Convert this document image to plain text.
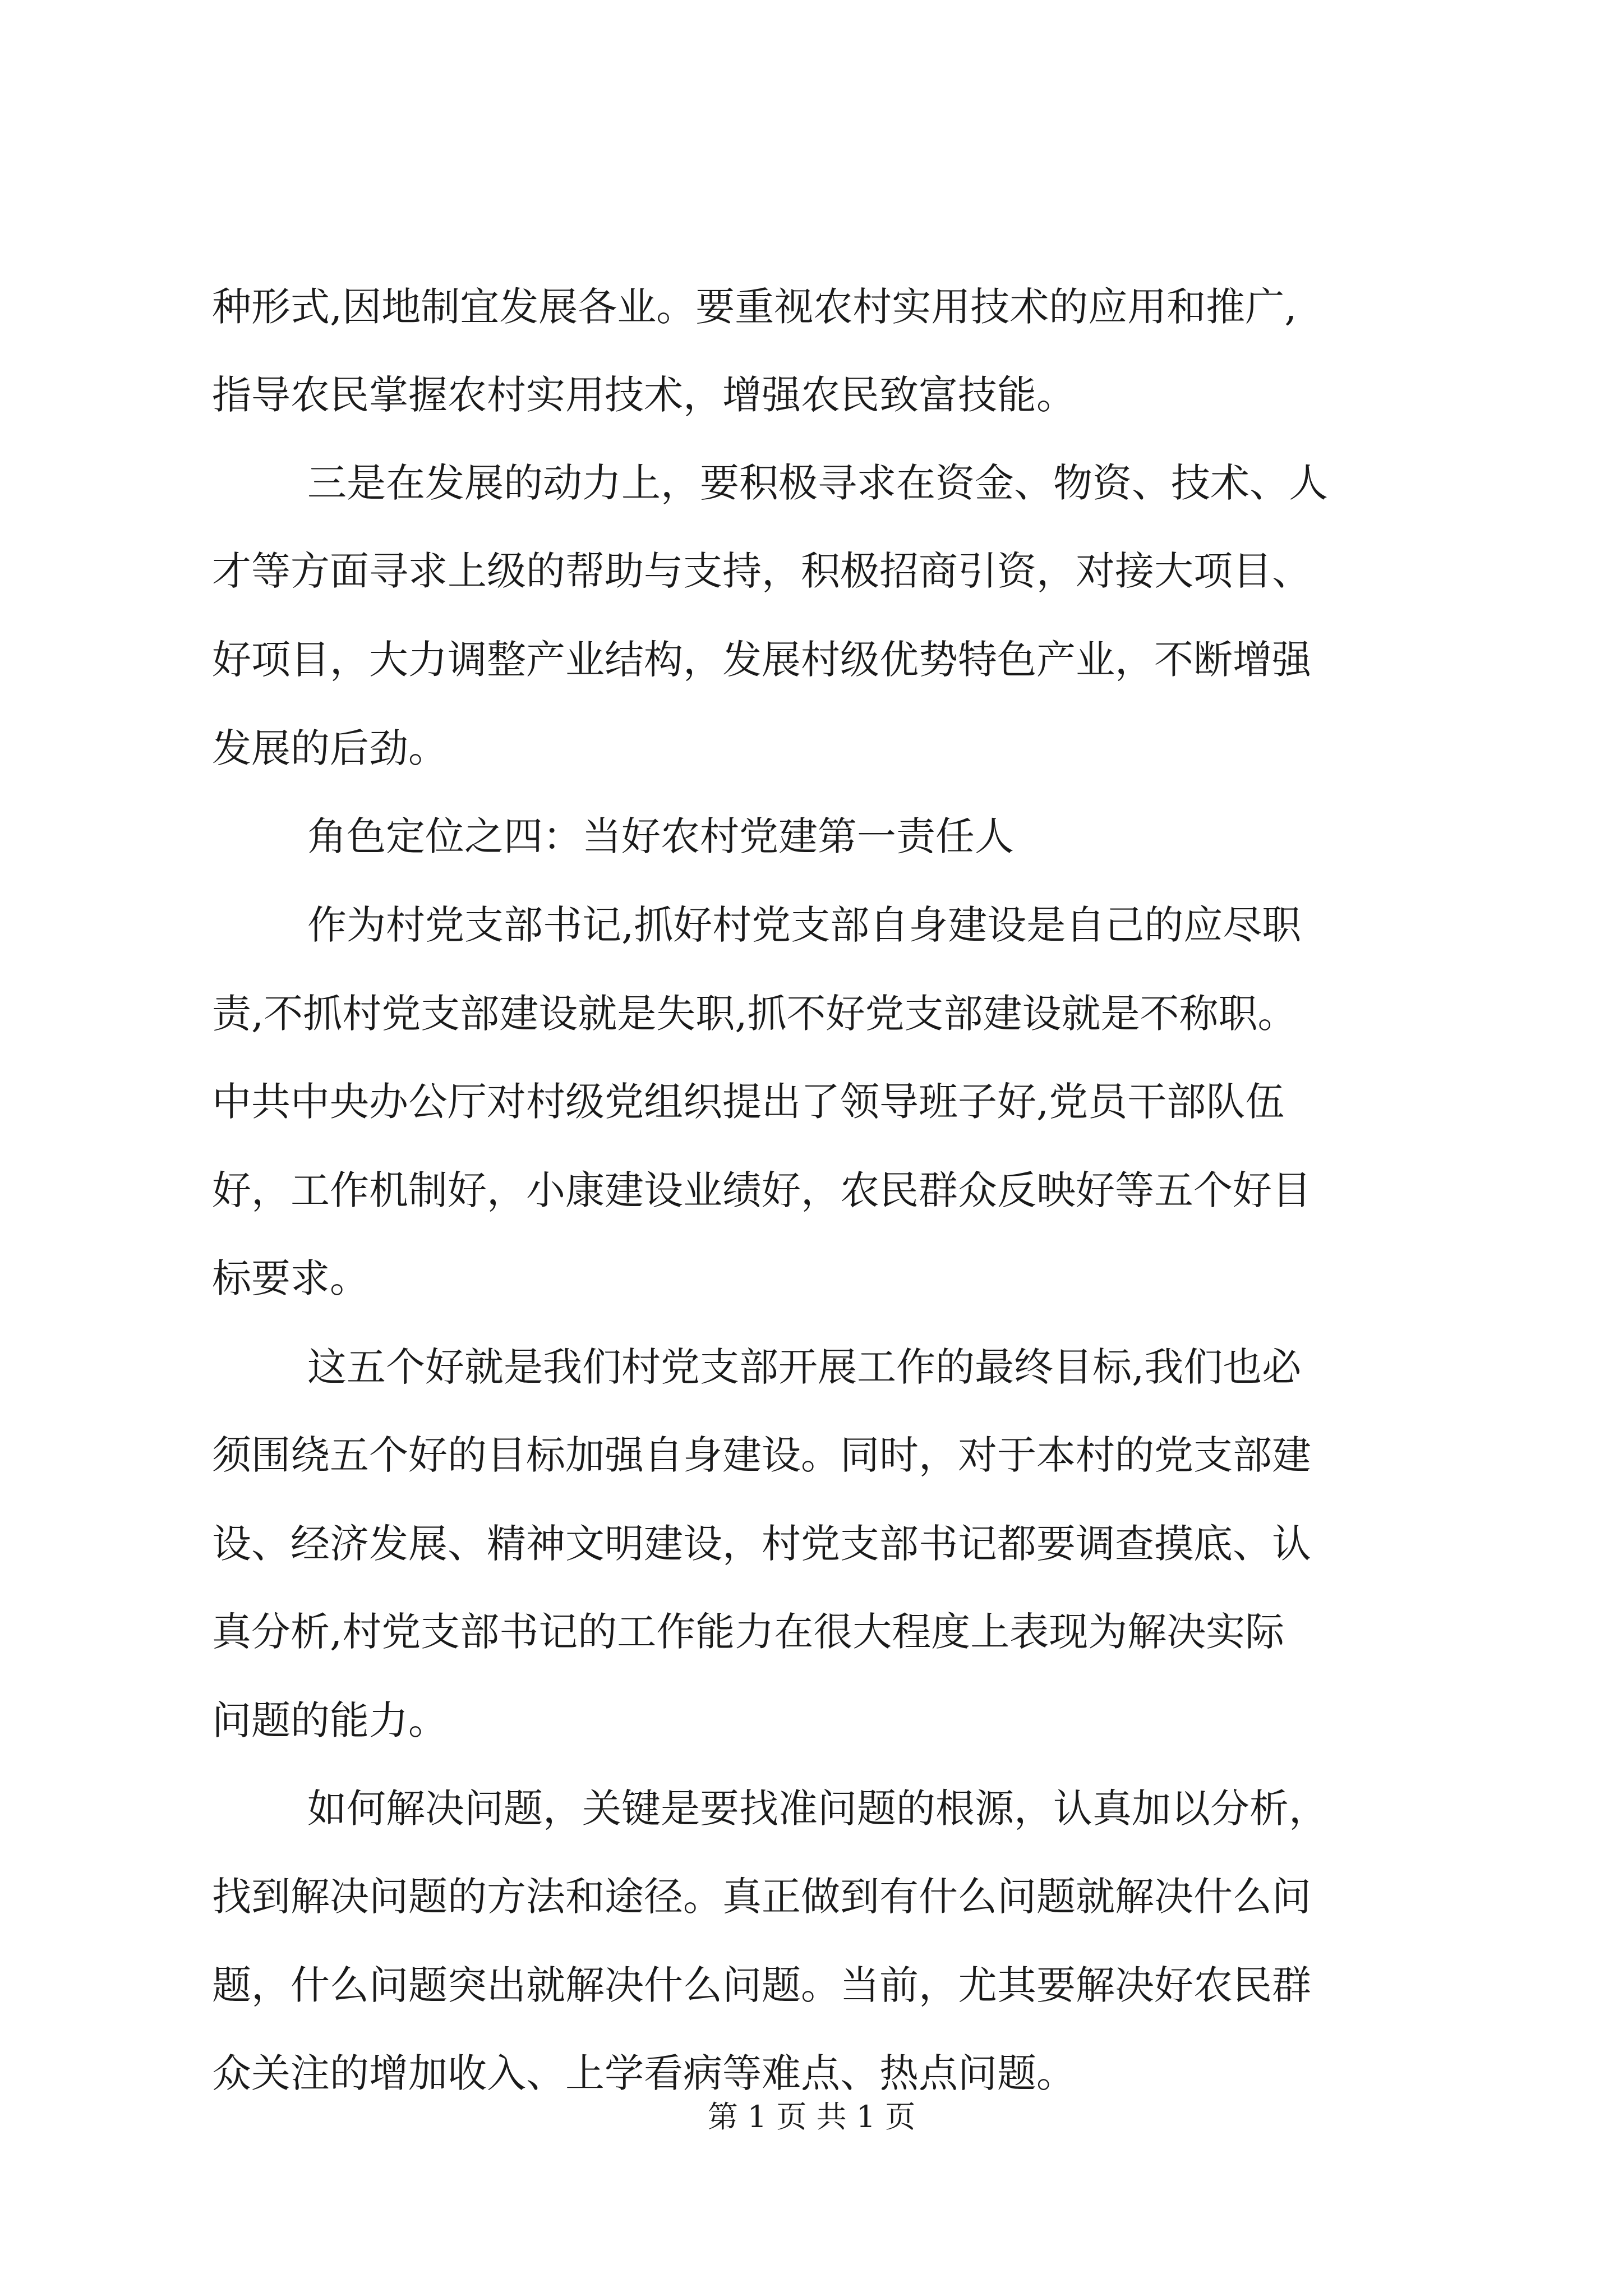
种形式,因地制宜发展各业。要重视农村实用技术的应用和推广,
指导农民掌握农村实用技术，增强农民致富技能。
三是在发展的动力上，要积极寻求在资金、物资、技术、人
才等方面寻求上级的帮助与支持，积极招商引资，对接大项目、
好项目，大力调整产业结构，发展村级优势特色产业，不断增强
发展的后劲。
角色定位之四：当好农村党建第一责任人
作为村党支部书记,抓好村党支部自身建设是自己的应尽职
责,不抓村党支部建设就是失职,抓不好党支部建设就是不称职。
中共中央办公厅对村级党组织提出了领导班子好,党员干部队伍
好，工作机制好，小康建设业绩好，农民群众反映好等五个好目
标要求。
这五个好就是我们村党支部开展工作的最终目标,我们也必
须围绕五个好的目标加强自身建设。同时，对于本村的党支部建
设、经济发展、精神文明建设，村党支部书记都要调查摸底、认
真分析,村党支部书记的工作能力在很大程度上表现为解决实际
问题的能力。
如何解决问题，关键是要找准问题的根源，认真加以分析，
找到解决问题的方法和途径。真正做到有什么问题就解决什么问
题，什么问题突出就解决什么问题。当前，尤其要解决好农民群
众关注的增加收入、上学看病等难点、热点问题。
第 1 页 共 1 页
